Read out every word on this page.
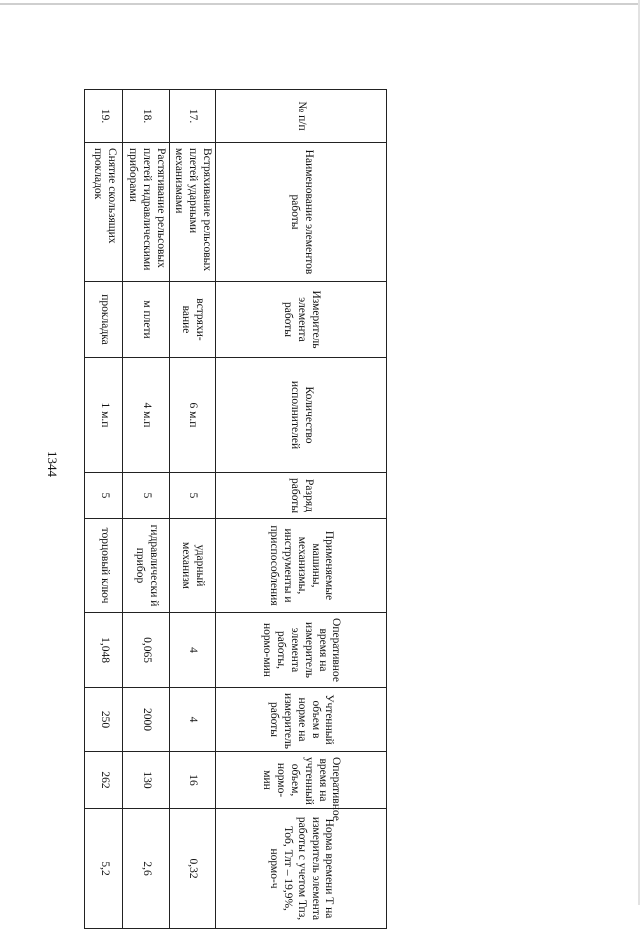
1344
№ п/п	Наименование элементов работы	Измеритель элемента работы	Количество исполнителей	Разряд работы	Применяемые машины, механизмы, инструменты и приспособления	Оперативное время на измеритель элемента работы, нормо-мин	Учтенный объем в норме на измеритель работы	Оперативное время на учтенный объем, нормо-мин	Норма времени Т на измеритель элемента работы с учетом Тпз, Тоб, Тлт – 19,9%, нормо-ч
17.	Встряхивание рельсовых плетей ударными механизмами	встряхи-вание	6 м.п	5	ударный механизм	4	4	16	0,32
18.	Растягивание рельсовых плетей гидравлическими приборами	м плети	4 м.п	5	гидравлически й прибор	0,065	2000	130	2,6
19.	Снятие скользящих прокладок	прокладка	1 м.п	5	торцовый ключ	1,048	250	262	5,2
